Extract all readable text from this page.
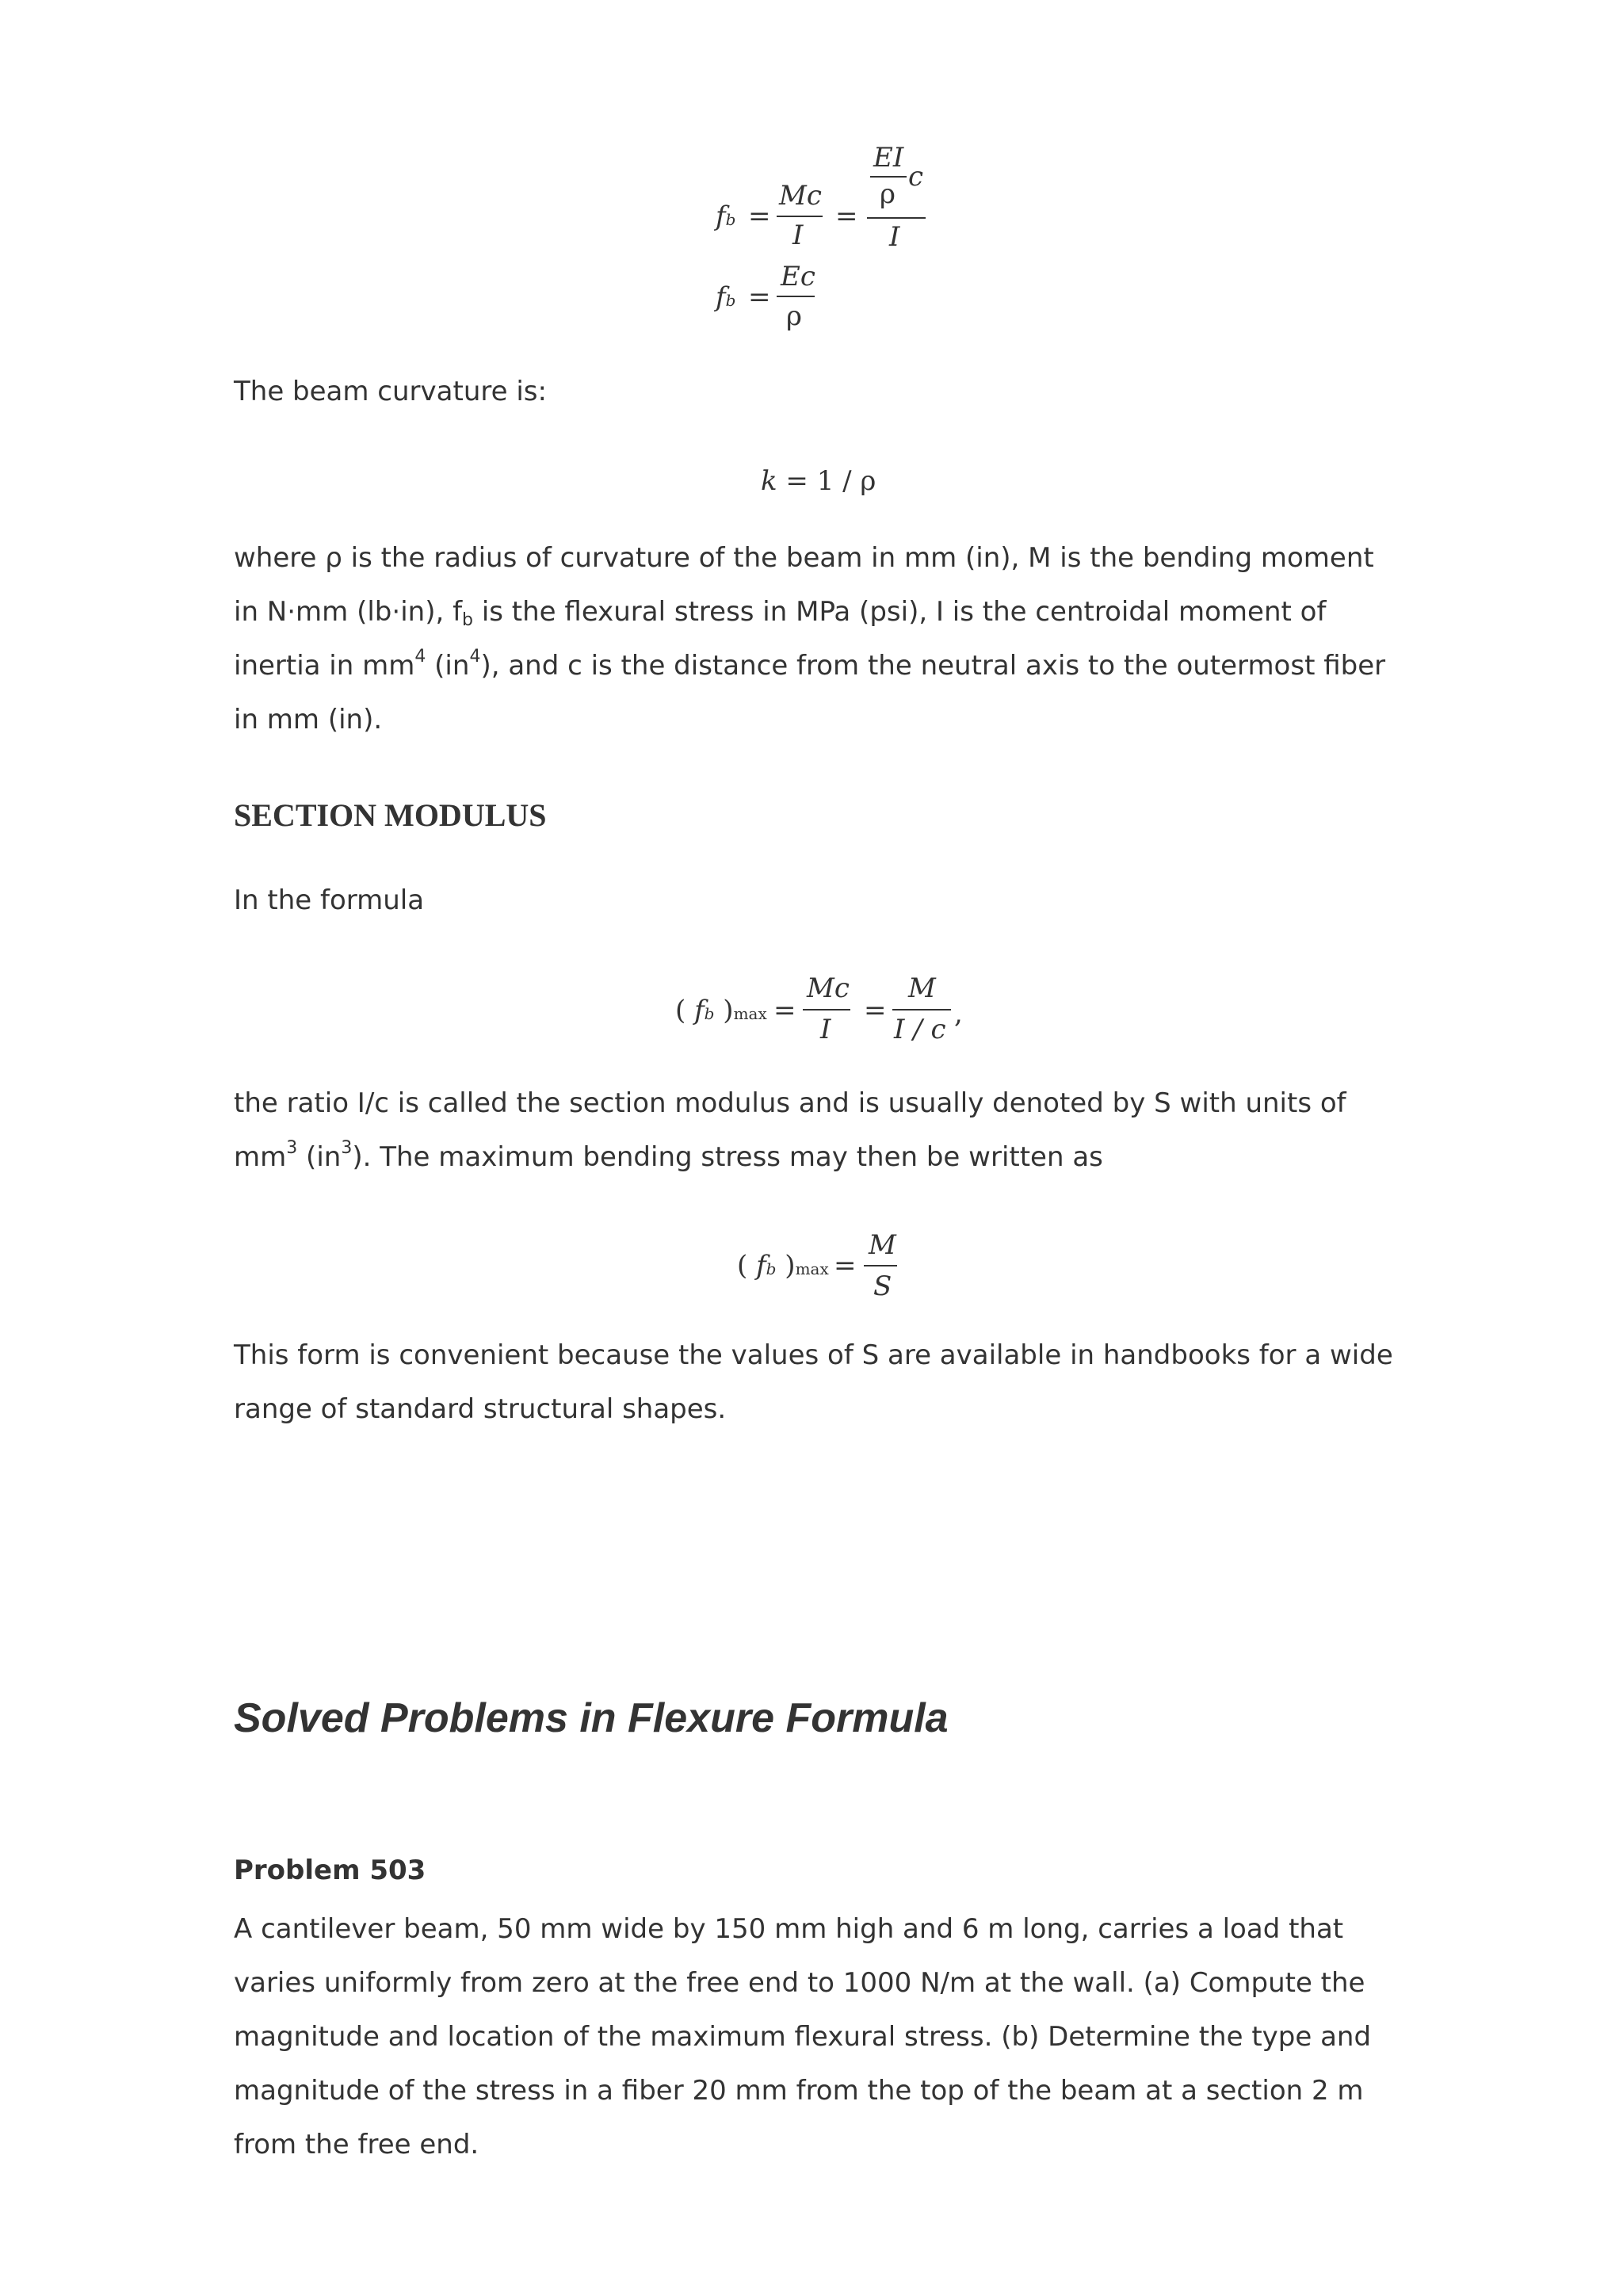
fb =
Mc
I
=
EI
ρ
c
I
fb =
Ec
ρ

The beam curvature is:

k = 1 / ρ

where ρ is the radius of curvature of the beam in mm (in), M is the bending moment in N·mm (lb·in), $f_b$ is the flexural stress in MPa (psi), I is the centroidal moment of inertia in $mm^4$ $(in^4)$, and c is the distance from the neutral axis to the outermost fiber in mm (in).

SECTION MODULUS

In the formula

( fb )max =
Mc
I
=
M
I / c ,

the ratio I/c is called the section modulus and is usually denoted by S with units of $mm^3$ $(in^3)$. The maximum bending stress may then be written as

( fb )max =
M
S

This form is convenient because the values of S are available in handbooks for a wide range of standard structural shapes.

Solved Problems in Flexure Formula
Problem 503

A cantilever beam, 50 mm wide by 150 mm high and 6 m long, carries a load that varies uniformly from zero at the free end to 1000 N/m at the wall. (a) Compute the magnitude and location of the maximum flexural stress. (b) Determine the type and magnitude of the stress in a fiber 20 mm from the top of the beam at a section 2 m from the free end.
